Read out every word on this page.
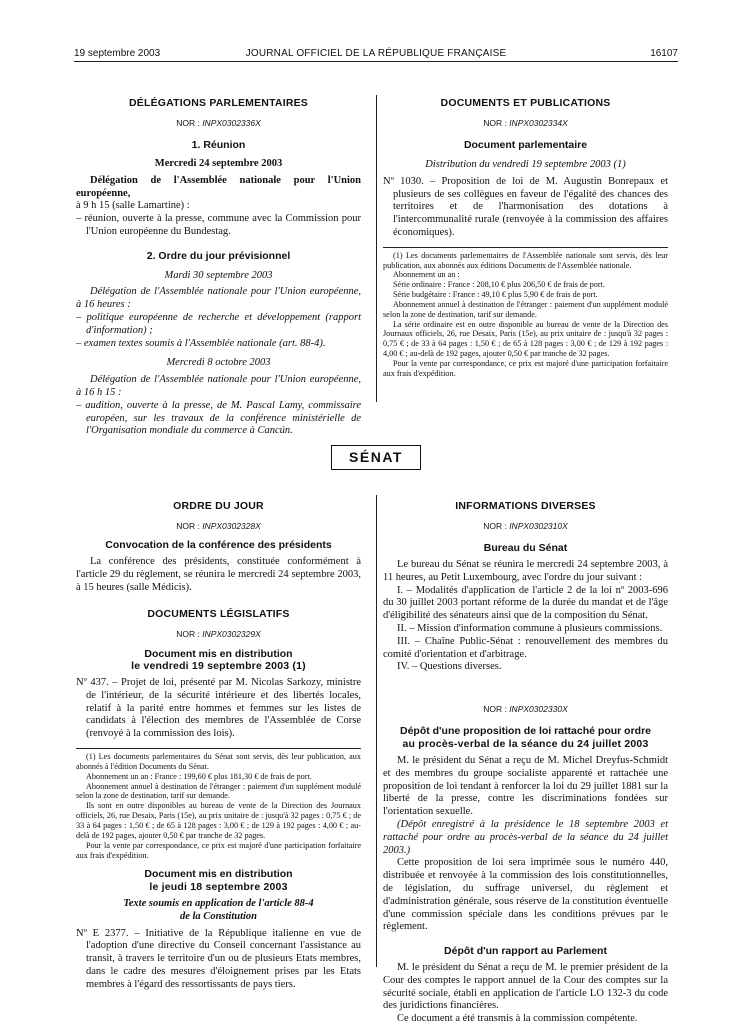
19 septembre 2003	JOURNAL OFFICIEL DE LA RÉPUBLIQUE FRANÇAISE	16107
DÉLÉGATIONS PARLEMENTAIRES
NOR : INPX0302336X
1. Réunion
Mercredi 24 septembre 2003
Délégation de l'Assemblée nationale pour l'Union européenne,
à 9 h 15 (salle Lamartine) :
– réunion, ouverte à la presse, commune avec la Commission pour l'Union européenne du Bundestag.
2. Ordre du jour prévisionnel
Mardi 30 septembre 2003
Délégation de l'Assemblée nationale pour l'Union européenne, à 16 heures :
– politique européenne de recherche et développement (rapport d'information) ;
– examen textes soumis à l'Assemblée nationale (art. 88-4).
Mercredi 8 octobre 2003
Délégation de l'Assemblée nationale pour l'Union européenne, à 16 h 15 :
– audition, ouverte à la presse, de M. Pascal Lamy, commissaire européen, sur les travaux de la conférence ministérielle de l'Organisation mondiale du commerce à Cancún.
DOCUMENTS ET PUBLICATIONS
NOR : INPX0302334X
Document parlementaire
Distribution du vendredi 19 septembre 2003 (1)
Nº 1030. – Proposition de loi de M. Augustin Bonrepaux et plusieurs de ses collègues en faveur de l'égalité des chances des territoires et de l'harmonisation des dotations à l'intercommunalité rurale (renvoyée à la commission des affaires économiques).
(1) Les documents parlementaires de l'Assemblée nationale sont servis, dès leur publication, aux abonnés aux éditions Documents de l'Assemblée nationale.
Abonnement un an :
Série ordinaire : France : 208,10 € plus 206,50 € de frais de port.
Série budgétaire : France : 49,10 € plus 5,90 € de frais de port.
Abonnement annuel à destination de l'étranger : paiement d'un supplément modulé selon la zone de destination, tarif sur demande.
La série ordinaire est en outre disponible au bureau de vente de la Direction des Journaux officiels, 26, rue Desaix, Paris (15e), au prix unitaire de : jusqu'à 32 pages : 0,75 € ; de 33 à 64 pages : 1,50 € ; de 65 à 128 pages : 3,00 € ; de 129 à 192 pages : 4,00 € ; au-delà de 192 pages, ajouter 0,50 € par tranche de 32 pages.
Pour la vente par correspondance, ce prix est majoré d'une participation forfaitaire aux frais d'expédition.
SÉNAT
ORDRE DU JOUR
NOR : INPX0302328X
Convocation de la conférence des présidents
La conférence des présidents, constituée conformément à l'article 29 du règlement, se réunira le mercredi 24 septembre 2003, à 15 heures (salle Médicis).
DOCUMENTS LÉGISLATIFS
NOR : INPX0302329X
Document mis en distribution
le vendredi 19 septembre 2003 (1)
Nº 437. – Projet de loi, présenté par M. Nicolas Sarkozy, ministre de l'intérieur, de la sécurité intérieure et des libertés locales, relatif à la parité entre hommes et femmes sur les listes de candidats à l'élection des membres de l'Assemblée de Corse (renvoyé à la commission des lois).
(1) Les documents parlementaires du Sénat sont servis, dès leur publication, aux abonnés à l'édition Documents du Sénat.
Abonnement un an : France : 199,60 € plus 181,30 € de frais de port.
Abonnement annuel à destination de l'étranger : paiement d'un supplément modulé selon la zone de destination, tarif sur demande.
Ils sont en outre disponibles au bureau de vente de la Direction des Journaux officiels, 26, rue Desaix, Paris (15e), au prix unitaire de : jusqu'à 32 pages : 0,75 € ; de 33 à 64 pages : 1,50 € ; de 65 à 128 pages : 3,00 € ; de 129 à 192 pages : 4,00 € ; au-delà de 192 pages, ajouter 0,50 € par tranche de 32 pages.
Pour la vente par correspondance, ce prix est majoré d'une participation forfaitaire aux frais d'expédition.
Document mis en distribution
le jeudi 18 septembre 2003
Texte soumis en application de l'article 88-4
de la Constitution
Nº E 2377. – Initiative de la République italienne en vue de l'adoption d'une directive du Conseil concernant l'assistance au transit, à travers le territoire d'un ou de plusieurs Etats membres, dans le cadre des mesures d'éloignement prises par les Etats membres à l'égard des ressortissants de pays tiers.
INFORMATIONS DIVERSES
NOR : INPX0302310X
Bureau du Sénat
Le bureau du Sénat se réunira le mercredi 24 septembre 2003, à 11 heures, au Petit Luxembourg, avec l'ordre du jour suivant :
I. – Modalités d'application de l'article 2 de la loi nº 2003-696 du 30 juillet 2003 portant réforme de la durée du mandat et de l'âge d'éligibilité des sénateurs ainsi que de la composition du Sénat.
II. – Mission d'information commune à plusieurs commissions.
III. – Chaîne Public-Sénat : renouvellement des membres du comité d'orientation et d'arbitrage.
IV. – Questions diverses.
NOR : INPX0302330X
Dépôt d'une proposition de loi rattaché pour ordre
au procès-verbal de la séance du 24 juillet 2003
M. le président du Sénat a reçu de M. Michel Dreyfus-Schmidt et des membres du groupe socialiste apparenté et rattachée une proposition de loi tendant à renforcer la loi du 29 juillet 1881 sur la liberté de la presse, contre les discriminations fondées sur l'orientation sexuelle.
(Dépôt enregistré à la présidence le 18 septembre 2003 et rattaché pour ordre au procès-verbal de la séance du 24 juillet 2003.)
Cette proposition de loi sera imprimée sous le numéro 440, distribuée et renvoyée à la commission des lois constitutionnelles, de législation, du suffrage universel, du règlement et d'administration générale, sous réserve de la constitution éventuelle d'une commission spéciale dans les conditions prévues par le règlement.
Dépôt d'un rapport au Parlement
M. le président du Sénat a reçu de M. le premier président de la Cour des comptes le rapport annuel de la Cour des comptes sur la sécurité sociale, établi en application de l'article LO 132-3 du code des juridictions financières.
Ce document a été transmis à la commission compétente.
